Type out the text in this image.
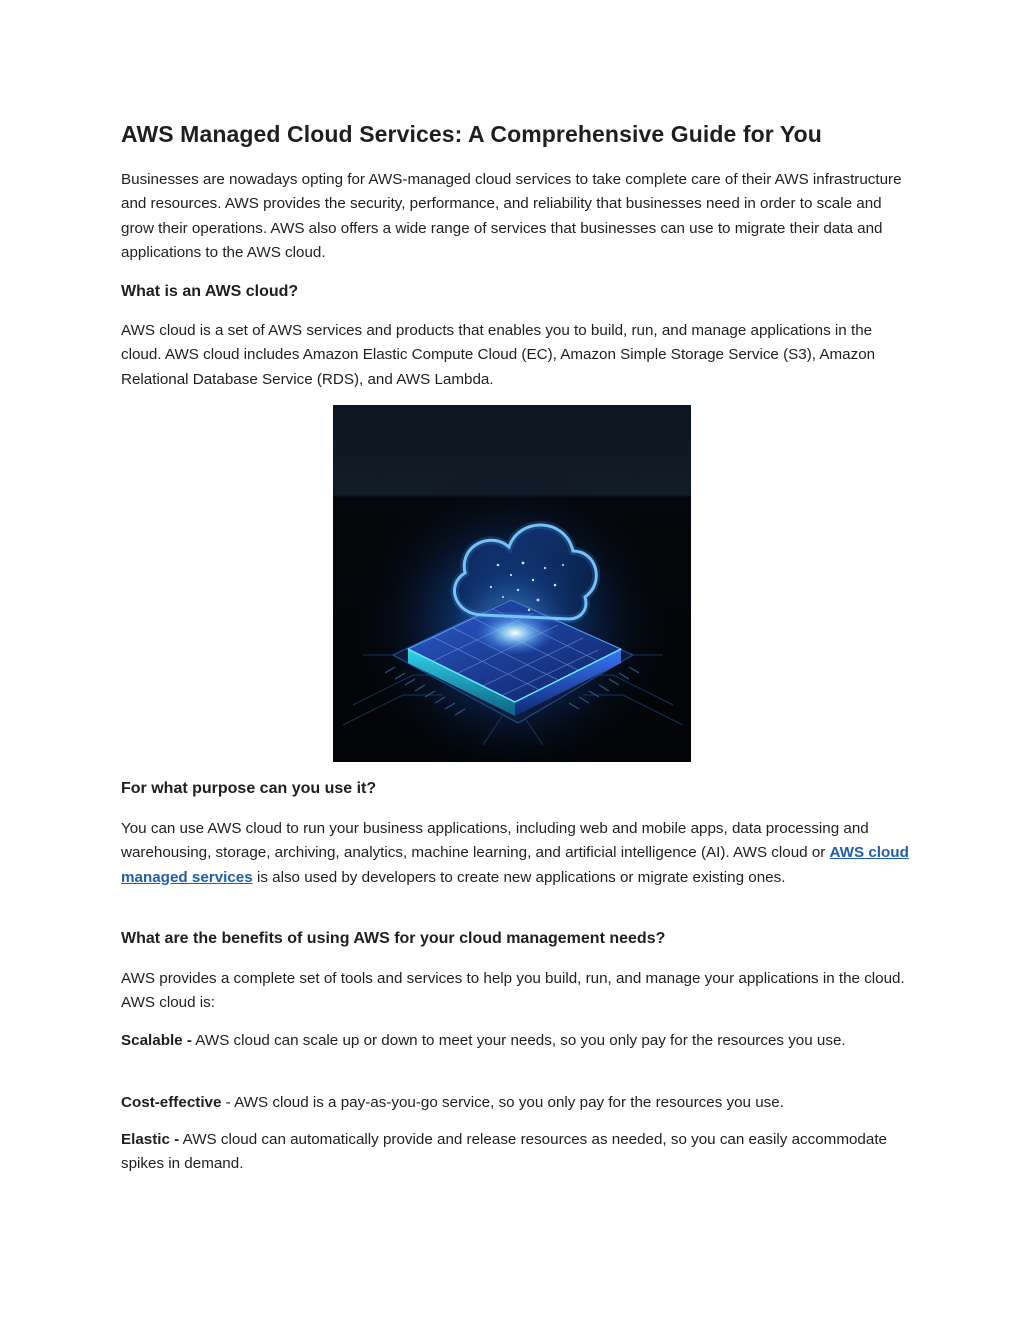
AWS Managed Cloud Services: A Comprehensive Guide for You

Businesses are nowadays opting for AWS-managed cloud services to take complete care of their AWS infrastructure and resources. AWS provides the security, performance, and reliability that businesses need in order to scale and grow their operations. AWS also offers a wide range of services that businesses can use to migrate their data and applications to the AWS cloud.

What is an AWS cloud?

AWS cloud is a set of AWS services and products that enables you to build, run, and manage applications in the cloud. AWS cloud includes Amazon Elastic Compute Cloud (EC), Amazon Simple Storage Service (S3), Amazon Relational Database Service (RDS), and AWS Lambda.

For what purpose can you use it?

You can use AWS cloud to run your business applications, including web and mobile apps, data processing and warehousing, storage, archiving, analytics, machine learning, and artificial intelligence (AI). AWS cloud or AWS cloud managed services is also used by developers to create new applications or migrate existing ones.

What are the benefits of using AWS for your cloud management needs?

AWS provides a complete set of tools and services to help you build, run, and manage your applications in the cloud. AWS cloud is:

Scalable - AWS cloud can scale up or down to meet your needs, so you only pay for the resources you use.

Cost-effective - AWS cloud is a pay-as-you-go service, so you only pay for the resources you use.

Elastic - AWS cloud can automatically provide and release resources as needed, so you can easily accommodate spikes in demand.
